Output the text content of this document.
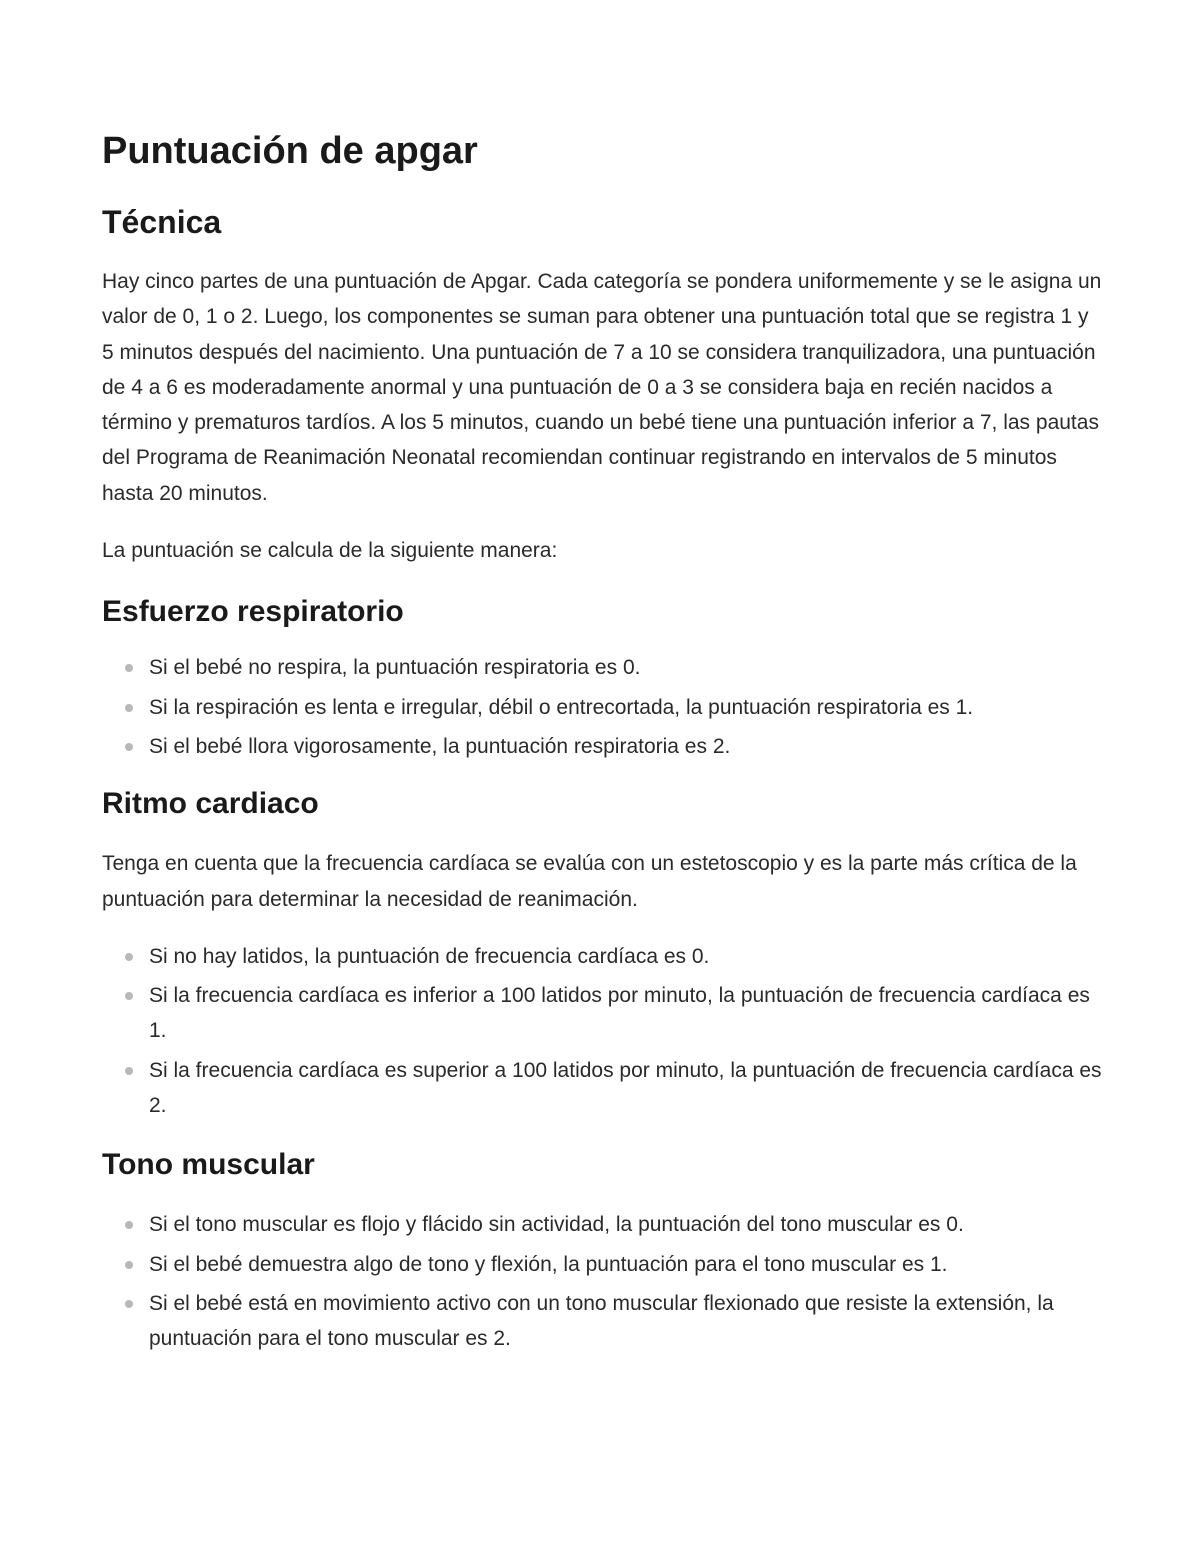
Puntuación de apgar
Técnica

Hay cinco partes de una puntuación de Apgar. Cada categoría se pondera uniformemente y se le asigna un valor de 0, 1 o 2. Luego, los componentes se suman para obtener una puntuación total que se registra 1 y 5 minutos después del nacimiento. Una puntuación de 7 a 10 se considera tranquilizadora, una puntuación de 4 a 6 es moderadamente anormal y una puntuación de 0 a 3 se considera baja en recién nacidos a término y prematuros tardíos. A los 5 minutos, cuando un bebé tiene una puntuación inferior a 7, las pautas del Programa de Reanimación Neonatal recomiendan continuar registrando en intervalos de 5 minutos hasta 20 minutos.

La puntuación se calcula de la siguiente manera:

Esfuerzo respiratorio
Si el bebé no respira, la puntuación respiratoria es 0.
Si la respiración es lenta e irregular, débil o entrecortada, la puntuación respiratoria es 1.
Si el bebé llora vigorosamente, la puntuación respiratoria es 2.
Ritmo cardiaco

Tenga en cuenta que la frecuencia cardíaca se evalúa con un estetoscopio y es la parte más crítica de la puntuación para determinar la necesidad de reanimación.

Si no hay latidos, la puntuación de frecuencia cardíaca es 0.
Si la frecuencia cardíaca es inferior a 100 latidos por minuto, la puntuación de frecuencia cardíaca es 1.
Si la frecuencia cardíaca es superior a 100 latidos por minuto, la puntuación de frecuencia cardíaca es 2.
Tono muscular
Si el tono muscular es flojo y flácido sin actividad, la puntuación del tono muscular es 0.
Si el bebé demuestra algo de tono y flexión, la puntuación para el tono muscular es 1.
Si el bebé está en movimiento activo con un tono muscular flexionado que resiste la extensión, la puntuación para el tono muscular es 2.
